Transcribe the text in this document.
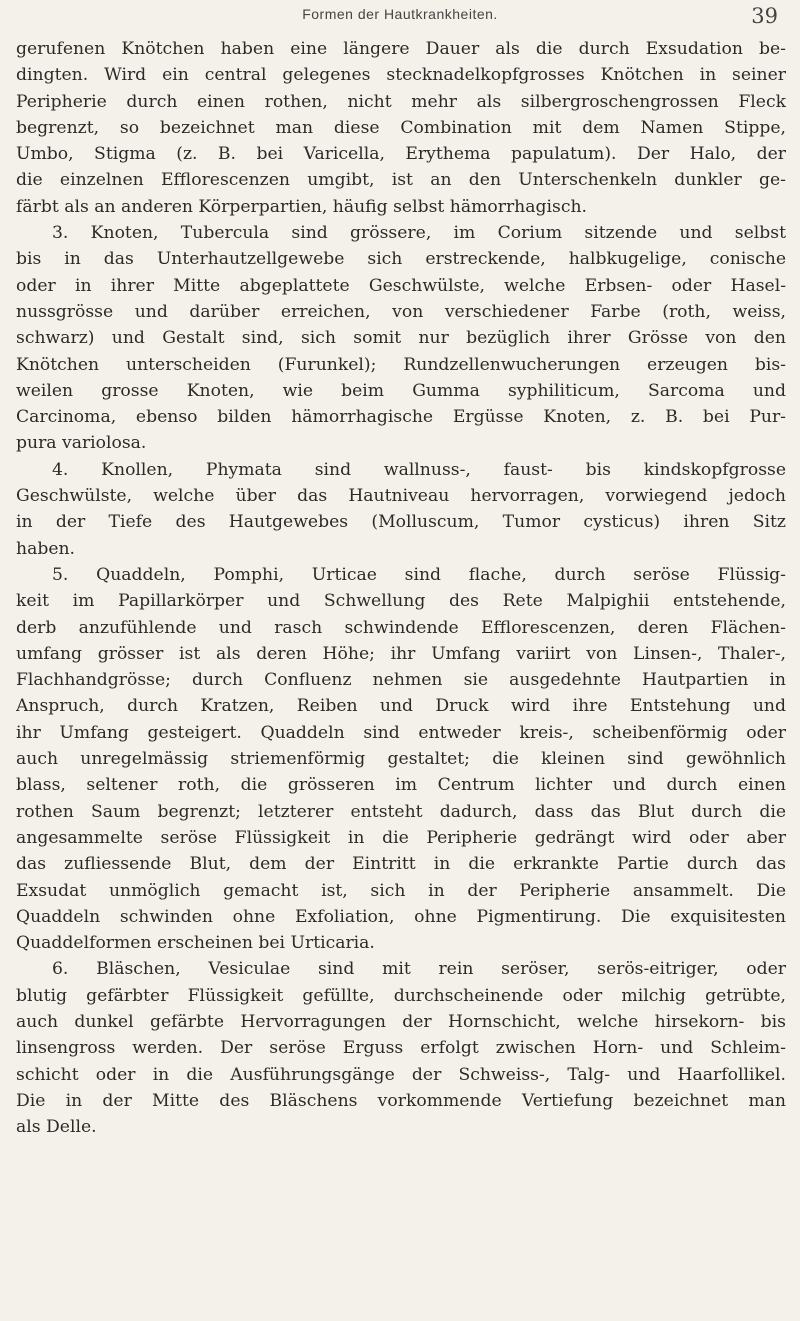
Formen der Hautkrankheiten.	39

gerufenen Knötchen haben eine längere Dauer als die durch Exsudation be-
dingten. Wird ein central gelegenes stecknadelkopfgrosses Knötchen in seiner
Peripherie durch einen rothen, nicht mehr als silbergroschengrossen Fleck
begrenzt, so bezeichnet man diese Combination mit dem Namen Stippe,
Umbo, Stigma (z. B. bei Varicella, Erythema papulatum). Der Halo, der
die einzelnen Efflorescenzen umgibt, ist an den Unterschenkeln dunkler ge-
färbt als an anderen Körperpartien, häufig selbst hämorrhagisch.

3. Knoten, Tubercula sind grössere, im Corium sitzende und selbst
bis in das Unterhautzellgewebe sich erstreckende, halbkugelige, conische
oder in ihrer Mitte abgeplattete Geschwülste, welche Erbsen- oder Hasel-
nussgrösse und darüber erreichen, von verschiedener Farbe (roth, weiss,
schwarz) und Gestalt sind, sich somit nur bezüglich ihrer Grösse von den
Knötchen unterscheiden (Furunkel); Rundzellenwucherungen erzeugen bis-
weilen grosse Knoten, wie beim Gumma syphiliticum, Sarcoma und
Carcinoma, ebenso bilden hämorrhagische Ergüsse Knoten, z. B. bei Pur-
pura variolosa.

4. Knollen, Phymata sind wallnuss-, faust- bis kindskopfgrosse
Geschwülste, welche über das Hautniveau hervorragen, vorwiegend jedoch
in der Tiefe des Hautgewebes (Molluscum, Tumor cysticus) ihren Sitz
haben.

5. Quaddeln, Pomphi, Urticae sind flache, durch seröse Flüssig-
keit im Papillarkörper und Schwellung des Rete Malpighii entstehende,
derb anzufühlende und rasch schwindende Efflorescenzen, deren Flächen-
umfang grösser ist als deren Höhe; ihr Umfang variirt von Linsen-, Thaler-,
Flachhandgrösse; durch Confluenz nehmen sie ausgedehnte Hautpartien in
Anspruch, durch Kratzen, Reiben und Druck wird ihre Entstehung und
ihr Umfang gesteigert. Quaddeln sind entweder kreis-, scheibenförmig oder
auch unregelmässig striemenförmig gestaltet; die kleinen sind gewöhnlich
blass, seltener roth, die grösseren im Centrum lichter und durch einen
rothen Saum begrenzt; letzterer entsteht dadurch, dass das Blut durch die
angesammelte seröse Flüssigkeit in die Peripherie gedrängt wird oder aber
das zufliessende Blut, dem der Eintritt in die erkrankte Partie durch das
Exsudat unmöglich gemacht ist, sich in der Peripherie ansammelt. Die
Quaddeln schwinden ohne Exfoliation, ohne Pigmentirung. Die exquisitesten
Quaddelformen erscheinen bei Urticaria.

6. Bläschen, Vesiculae sind mit rein seröser, serös-eitriger, oder
blutig gefärbter Flüssigkeit gefüllte, durchscheinende oder milchig getrübte,
auch dunkel gefärbte Hervorragungen der Hornschicht, welche hirsekorn- bis
linsengross werden. Der seröse Erguss erfolgt zwischen Horn- und Schleim-
schicht oder in die Ausführungsgänge der Schweiss-, Talg- und Haarfollikel.
Die in der Mitte des Bläschens vorkommende Vertiefung bezeichnet man
als Delle.
